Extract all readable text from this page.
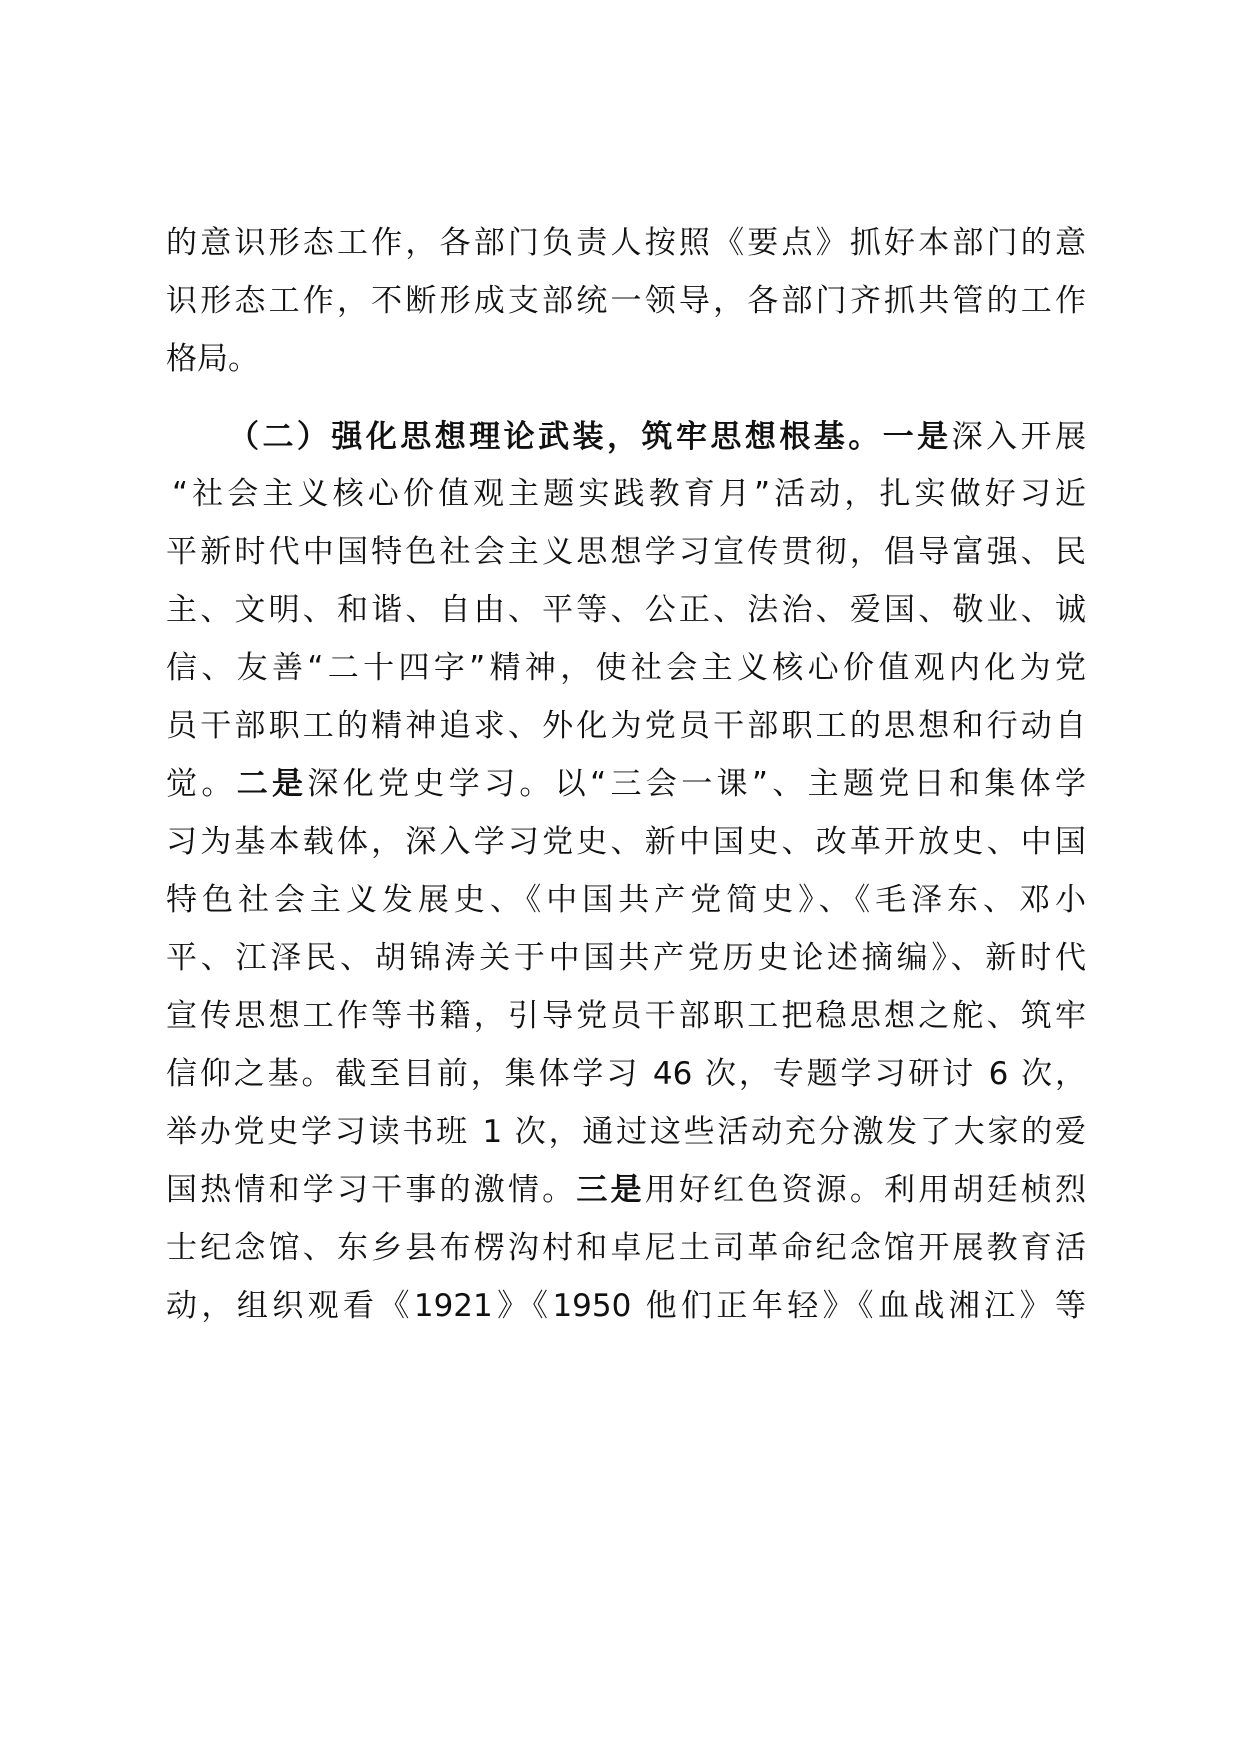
的意识形态工作，各部门负责人按照《要点》抓好本部门的意
识形态工作，不断形成支部统一领导，各部门齐抓共管的工作
格局。
（二）强化思想理论武装，筑牢思想根基。一是深入开展
“社会主义核心价值观主题实践教育月”活动，扎实做好习近
平新时代中国特色社会主义思想学习宣传贯彻，倡导富强、民
主、文明、和谐、自由、平等、公正、法治、爱国、敬业、诚
信、友善“二十四字”精神，使社会主义核心价值观内化为党
员干部职工的精神追求、外化为党员干部职工的思想和行动自
觉。二是深化党史学习。以“三会一课”、主题党日和集体学
习为基本载体，深入学习党史、新中国史、改革开放史、中国
特色社会主义发展史、《中国共产党简史》、《毛泽东、邓小
平、江泽民、胡锦涛关于中国共产党历史论述摘编》、新时代
宣传思想工作等书籍，引导党员干部职工把稳思想之舵、筑牢
信仰之基。截至目前，集体学习 46 次，专题学习研讨 6 次，
举办党史学习读书班 1 次，通过这些活动充分激发了大家的爱
国热情和学习干事的激情。三是用好红色资源。利用胡廷桢烈
士纪念馆、东乡县布楞沟村和卓尼土司革命纪念馆开展教育活
动，组织观看《1921》《1950 他们正年轻》《血战湘江》等
